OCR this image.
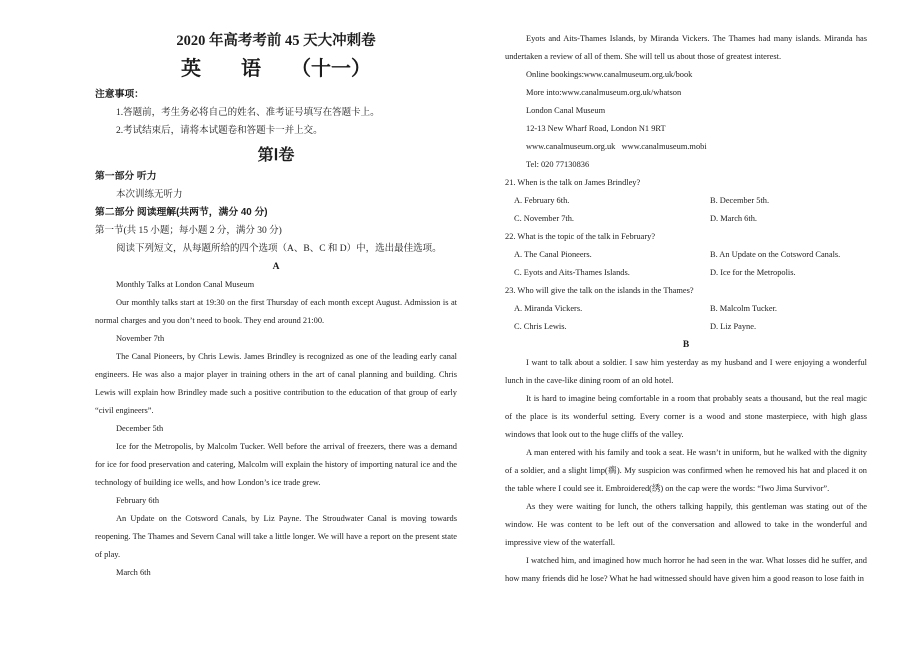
2020 年高考考前 45 天大冲刺卷
英　　语　　（十一）
注意事项：

1.答题前，考生务必将自己的姓名、准考证号填写在答题卡上。

2.考试结束后，请将本试题卷和答题卡一并上交。

第Ⅰ卷
第一部分 听力

本次训练无听力

第二部分 阅读理解(共两节，满分 40 分)

第一节(共 15 小题；每小题 2 分，满分 30 分)

阅读下列短文，从每题所给的四个选项（A、B、C 和 D）中，选出最佳选项。

A

Monthly Talks at London Canal Museum

Our monthly talks start at 19:30 on the first Thursday of each month except August. Admission is at normal charges and you don’t need to book. They end around 21:00.

November 7th

The Canal Pioneers, by Chris Lewis. James Brindley is recognized as one of the leading early canal engineers. He was also a major player in training others in the art of canal planning and building. Chris Lewis will explain how Brindley made such a positive contribution to the education of that group of early “civil engineers”.

December 5th

Ice for the Metropolis, by Malcolm Tucker. Well before the arrival of freezers, there was a demand for ice for food preservation and catering, Malcolm will explain the history of importing natural ice and the technology of building ice wells, and how London’s ice trade grew.

February 6th

An Update on the Cotsword Canals, by Liz Payne. The Stroudwater Canal is moving towards reopening. The Thames and Severn Canal will take a little longer. We will have a report on the present state of play.

March 6th

Eyots and Aits-Thames Islands, by Miranda Vickers. The Thames had many islands. Miranda has undertaken a review of all of them. She will tell us about those of greatest interest.

Online bookings:www.canalmuseum.org.uk/book

More into:www.canalmuseum.org.uk/whatson

London Canal Museum

12-13 New Wharf Road, London N1 9RT

www.canalmuseum.org.uk   www.canalmuseum.mobi

Tel: 020 77130836

21. When is the talk on James Brindley?

A. February 6th.	B. December 5th.
C. November 7th.	D. March 6th.

22. What is the topic of the talk in February?

A. The Canal Pioneers.	B. An Update on the Cotsword Canals.
C. Eyots and Aits-Thames Islands.	D. Ice for the Metropolis.

23. Who will give the talk on the islands in the Thames?

A. Miranda Vickers.	B. Malcolm Tucker.
C. Chris Lewis.	D. Liz Payne.
B

I want to talk about a soldier. I saw him yesterday as my husband and I were enjoying a wonderful lunch in the cave-like dining room of an old hotel.

It is hard to imagine being comfortable in a room that probably seats a thousand, but the real magic of the place is its wonderful setting. Every corner is a wood and stone masterpiece, with high glass windows that look out to the huge cliffs of the valley.

A man entered with his family and took a seat. He wasn’t in uniform, but he walked with the dignity of a soldier, and a slight limp(瘸). My suspicion was confirmed when he removed his hat and placed it on the table where I could see it. Embroidered(绣) on the cap were the words: “Iwo Jima Survivor”.

As they were waiting for lunch, the others talking happily, this gentleman was stating out of the window. He was content to be left out of the conversation and allowed to take in the wonderful and impressive view of the waterfall.

I watched him, and imagined how much horror he had seen in the war. What losses did he suffer, and how many friends did he lose? What he had witnessed should have given him a good reason to lose faith in
